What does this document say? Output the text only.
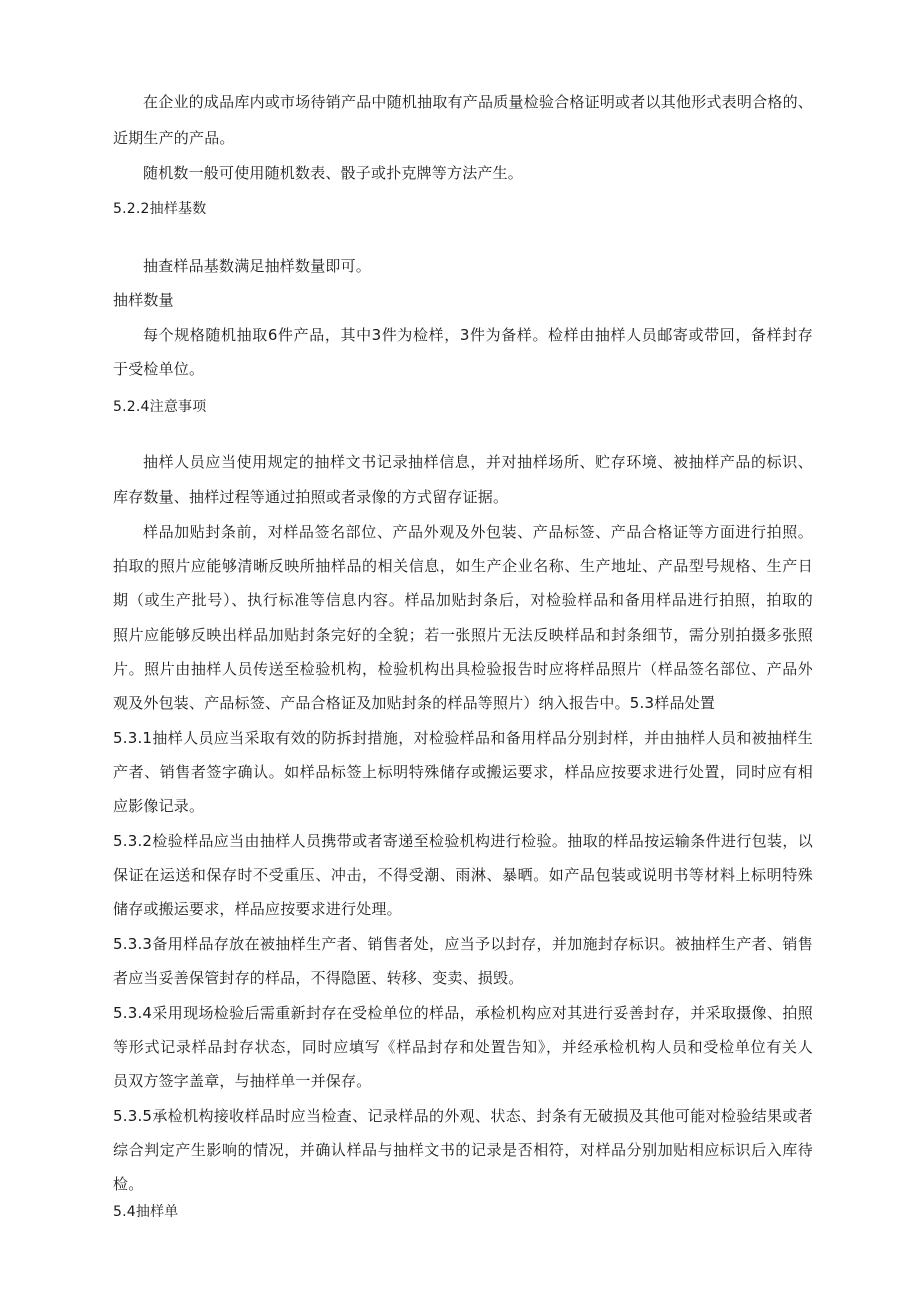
在企业的成品库内或市场待销产品中随机抽取有产品质量检验合格证明或者以其他形式表明合格的、
近期生产的产品。
随机数一般可使用随机数表、骰子或扑克牌等方法产生。
5.2.2抽样基数
抽查样品基数满足抽样数量即可。
抽样数量
每个规格随机抽取6件产品，其中3件为检样，3件为备样。检样由抽样人员邮寄或带回，备样封存
于受检单位。
5.2.4注意事项
抽样人员应当使用规定的抽样文书记录抽样信息，并对抽样场所、贮存环境、被抽样产品的标识、
库存数量、抽样过程等通过拍照或者录像的方式留存证据。
样品加贴封条前，对样品签名部位、产品外观及外包装、产品标签、产品合格证等方面进行拍照。
拍取的照片应能够清晰反映所抽样品的相关信息，如生产企业名称、生产地址、产品型号规格、生产日
期（或生产批号）、执行标准等信息内容。样品加贴封条后，对检验样品和备用样品进行拍照，拍取的
照片应能够反映出样品加贴封条完好的全貌；若一张照片无法反映样品和封条细节，需分别拍摄多张照
片。照片由抽样人员传送至检验机构，检验机构出具检验报告时应将样品照片（样品签名部位、产品外
观及外包装、产品标签、产品合格证及加贴封条的样品等照片）纳入报告中。5.3样品处置
5.3.1抽样人员应当采取有效的防拆封措施，对检验样品和备用样品分别封样，并由抽样人员和被抽样生
产者、销售者签字确认。如样品标签上标明特殊储存或搬运要求，样品应按要求进行处置，同时应有相
应影像记录。
5.3.2检验样品应当由抽样人员携带或者寄递至检验机构进行检验。抽取的样品按运输条件进行包装，以
保证在运送和保存时不受重压、冲击，不得受潮、雨淋、暴晒。如产品包装或说明书等材料上标明特殊
储存或搬运要求，样品应按要求进行处理。
5.3.3备用样品存放在被抽样生产者、销售者处，应当予以封存，并加施封存标识。被抽样生产者、销售
者应当妥善保管封存的样品，不得隐匿、转移、变卖、损毁。
5.3.4采用现场检验后需重新封存在受检单位的样品，承检机构应对其进行妥善封存，并采取摄像、拍照
等形式记录样品封存状态，同时应填写《样品封存和处置告知》，并经承检机构人员和受检单位有关人
员双方签字盖章，与抽样单一并保存。
5.3.5承检机构接收样品时应当检查、记录样品的外观、状态、封条有无破损及其他可能对检验结果或者
综合判定产生影响的情况，并确认样品与抽样文书的记录是否相符，对样品分别加贴相应标识后入库待
检。
5.4抽样单
